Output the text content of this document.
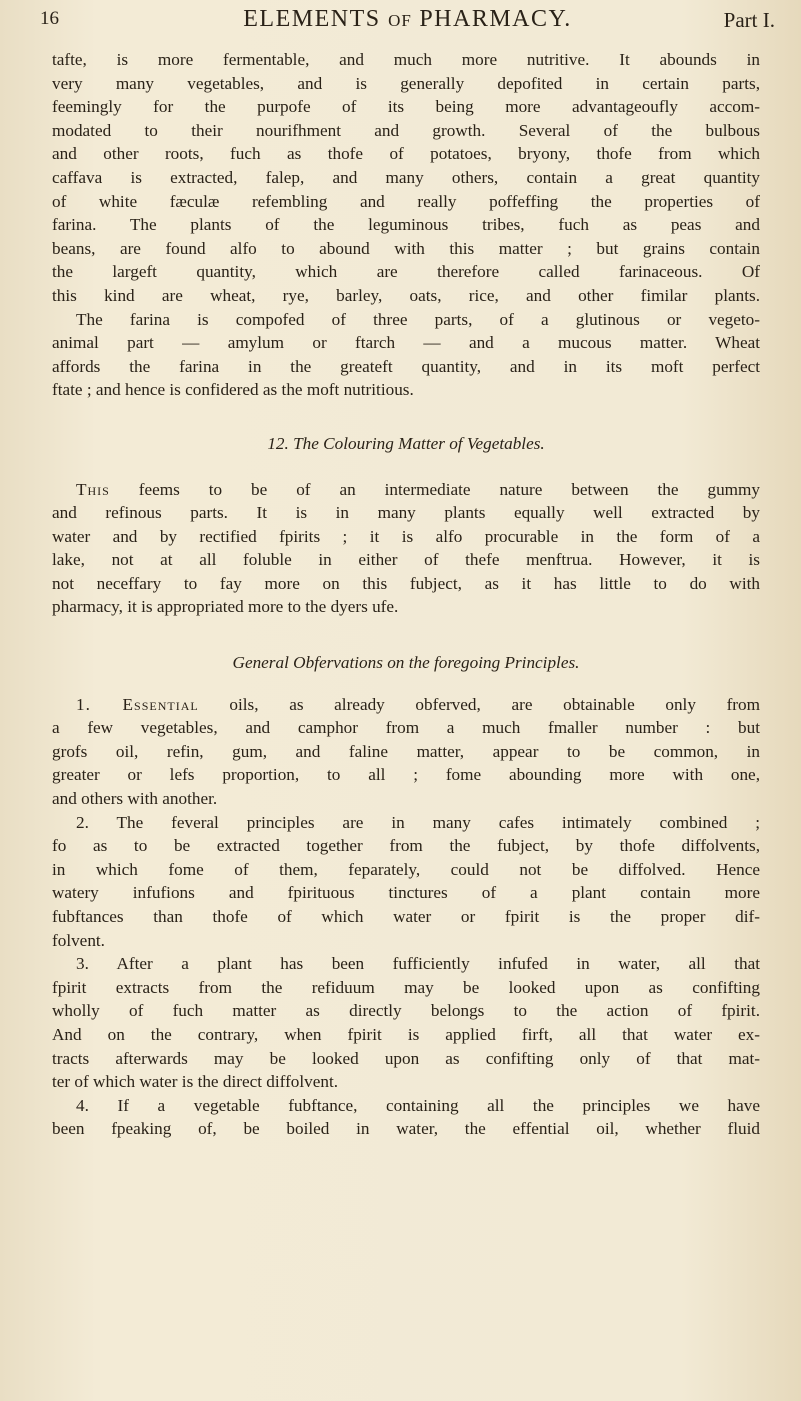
16	ELEMENTS OF PHARMACY.	Part I.
tafte, is more fermentable, and much more nutritive. It abounds in
very many vegetables, and is generally depofited in certain parts,
feemingly for the purpofe of its being more advantageoufly accom-
modated to their nourifhment and growth. Several of the bulbous
and other roots, fuch as thofe of potatoes, bryony, thofe from which
caffava is extracted, falep, and many others, contain a great quantity
of white fæculæ refembling and really poffeffing the properties of
farina. The plants of the leguminous tribes, fuch as peas and
beans, are found alfo to abound with this matter ; but grains contain
the largeft quantity, which are therefore called farinaceous. Of
this kind are wheat, rye, barley, oats, rice, and other fimilar plants.
The farina is compofed of three parts, of a glutinous or vegeto-
animal part — amylum or ftarch — and a mucous matter. Wheat
affords the farina in the greateft quantity, and in its moft perfect
ftate ; and hence is confidered as the moft nutritious.
12. The Colouring Matter of Vegetables.
This feems to be of an intermediate nature between the gummy
and refinous parts. It is in many plants equally well extracted by
water and by rectified fpirits ; it is alfo procurable in the form of a
lake, not at all foluble in either of thefe menftrua. However, it is
not neceffary to fay more on this fubject, as it has little to do with
pharmacy, it is appropriated more to the dyers ufe.
General Obfervations on the foregoing Principles.
1. Essential oils, as already obferved, are obtainable only from
a few vegetables, and camphor from a much fmaller number : but
grofs oil, refin, gum, and faline matter, appear to be common, in
greater or lefs proportion, to all ; fome abounding more with one,
and others with another.
2. The feveral principles are in many cafes intimately combined ;
fo as to be extracted together from the fubject, by thofe diffolvents,
in which fome of them, feparately, could not be diffolved. Hence
watery infufions and fpirituous tinctures of a plant contain more
fubftances than thofe of which water or fpirit is the proper dif-
folvent.
3. After a plant has been fufficiently infufed in water, all that
fpirit extracts from the refiduum may be looked upon as confifting
wholly of fuch matter as directly belongs to the action of fpirit.
And on the contrary, when fpirit is applied firft, all that water ex-
tracts afterwards may be looked upon as confifting only of that mat-
ter of which water is the direct diffolvent.
4. If a vegetable fubftance, containing all the principles we have
been fpeaking of, be boiled in water, the effential oil, whether fluid
